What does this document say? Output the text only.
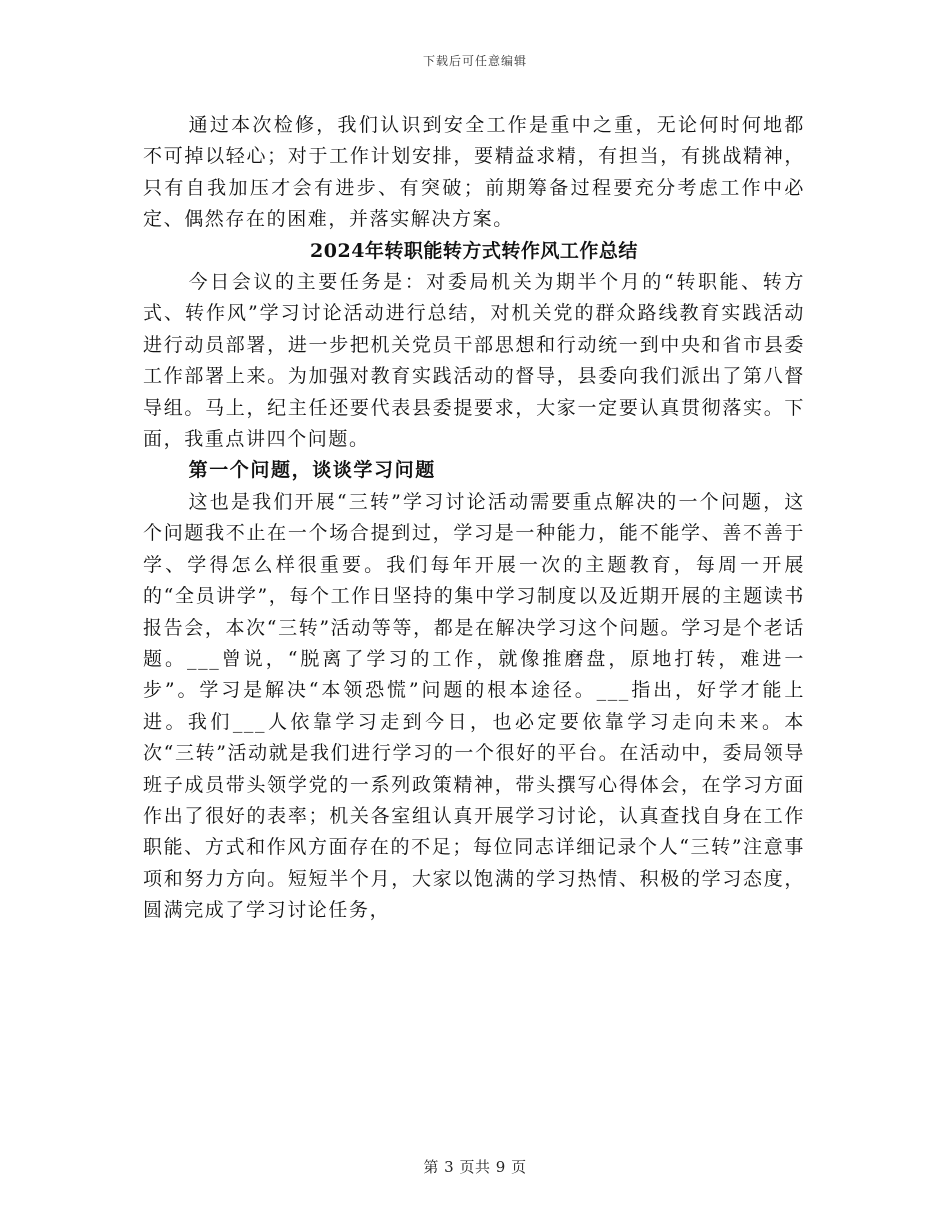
下载后可任意编辑

通过本次检修，我们认识到安全工作是重中之重，无论何时何地都不可掉以轻心；对于工作计划安排，要精益求精，有担当，有挑战精神，只有自我加压才会有进步、有突破；前期筹备过程要充分考虑工作中必定、偶然存在的困难，并落实解决方案。

2024年转职能转方式转作风工作总结

今日会议的主要任务是：对委局机关为期半个月的“转职能、转方式、转作风”学习讨论活动进行总结，对机关党的群众路线教育实践活动进行动员部署，进一步把机关党员干部思想和行动统一到中央和省市县委工作部署上来。为加强对教育实践活动的督导，县委向我们派出了第八督导组。马上，纪主任还要代表县委提要求，大家一定要认真贯彻落实。下面，我重点讲四个问题。

第一个问题，谈谈学习问题

这也是我们开展“三转”学习讨论活动需要重点解决的一个问题，这个问题我不止在一个场合提到过，学习是一种能力，能不能学、善不善于学、学得怎么样很重要。我们每年开展一次的主题教育，每周一开展的“全员讲学”，每个工作日坚持的集中学习制度以及近期开展的主题读书报告会，本次“三转”活动等等，都是在解决学习这个问题。学习是个老话题。___曾说，“脱离了学习的工作，就像推磨盘，原地打转，难进一步”。学习是解决“本领恐慌”问题的根本途径。___指出，好学才能上进。我们___人依靠学习走到今日，也必定要依靠学习走向未来。本次“三转”活动就是我们进行学习的一个很好的平台。在活动中，委局领导班子成员带头领学党的一系列政策精神，带头撰写心得体会，在学习方面作出了很好的表率；机关各室组认真开展学习讨论，认真查找自身在工作职能、方式和作风方面存在的不足；每位同志详细记录个人“三转”注意事项和努力方向。短短半个月，大家以饱满的学习热情、积极的学习态度，圆满完成了学习讨论任务，

第 3 页共 9 页
